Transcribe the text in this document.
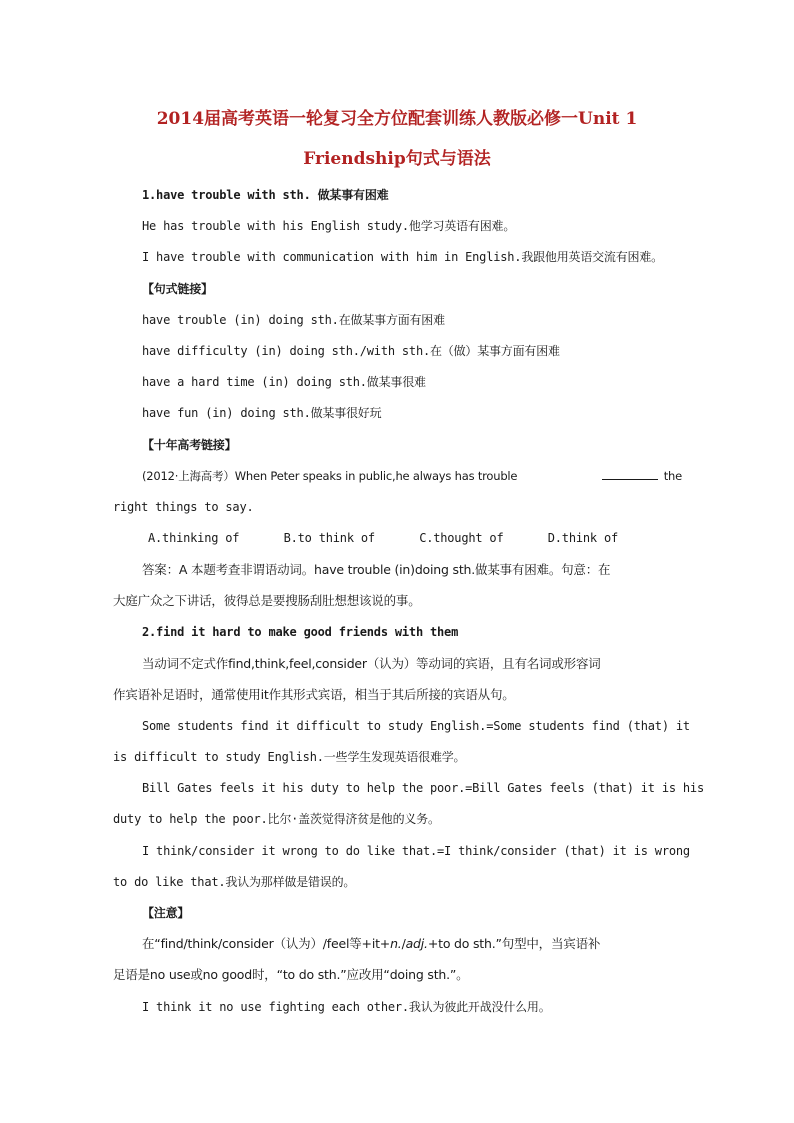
2014届高考英语一轮复习全方位配套训练人教版必修一Unit 1
Friendship句式与语法
1.have trouble with sth. 做某事有困难
He has trouble with his English study.他学习英语有困难。
I have trouble with communication with him in English.我跟他用英语交流有困难。
【句式链接】
have trouble (in) doing sth.在做某事方面有困难
have difficulty (in) doing sth./with sth.在（做）某事方面有困难
have a hard time (in) doing sth.做某事很难
have fun (in) doing sth.做某事很好玩
【十年高考链接】
(2012·上海高考）When Peter speaks in public,he always has trouble	the
right things to say.
A.thinking of	B.to think of	C.thought of	D.think of
答案：A 本题考查非谓语动词。have trouble (in)doing sth.做某事有困难。句意：在
大庭广众之下讲话，彼得总是要搜肠刮肚想想该说的事。
2.find it hard to make good friends with them
当动词不定式作find,think,feel,consider（认为）等动词的宾语，且有名词或形容词
作宾语补足语时，通常使用it作其形式宾语，相当于其后所接的宾语从句。
Some students find it difficult to study English.=Some students find (that) it
is difficult to study English.一些学生发现英语很难学。
Bill Gates feels it his duty to help the poor.=Bill Gates feels (that) it is his
duty to help the poor.比尔·盖茨觉得济贫是他的义务。
I think/consider it wrong to do like that.=I think/consider (that) it is wrong
to do like that.我认为那样做是错误的。
【注意】
在“find/think/consider（认为）/feel等+it+n./adj.+to do sth.”句型中，当宾语补
足语是no use或no good时，“to do sth.”应改用“doing sth.”。
I think it no use fighting each other.我认为彼此开战没什么用。
